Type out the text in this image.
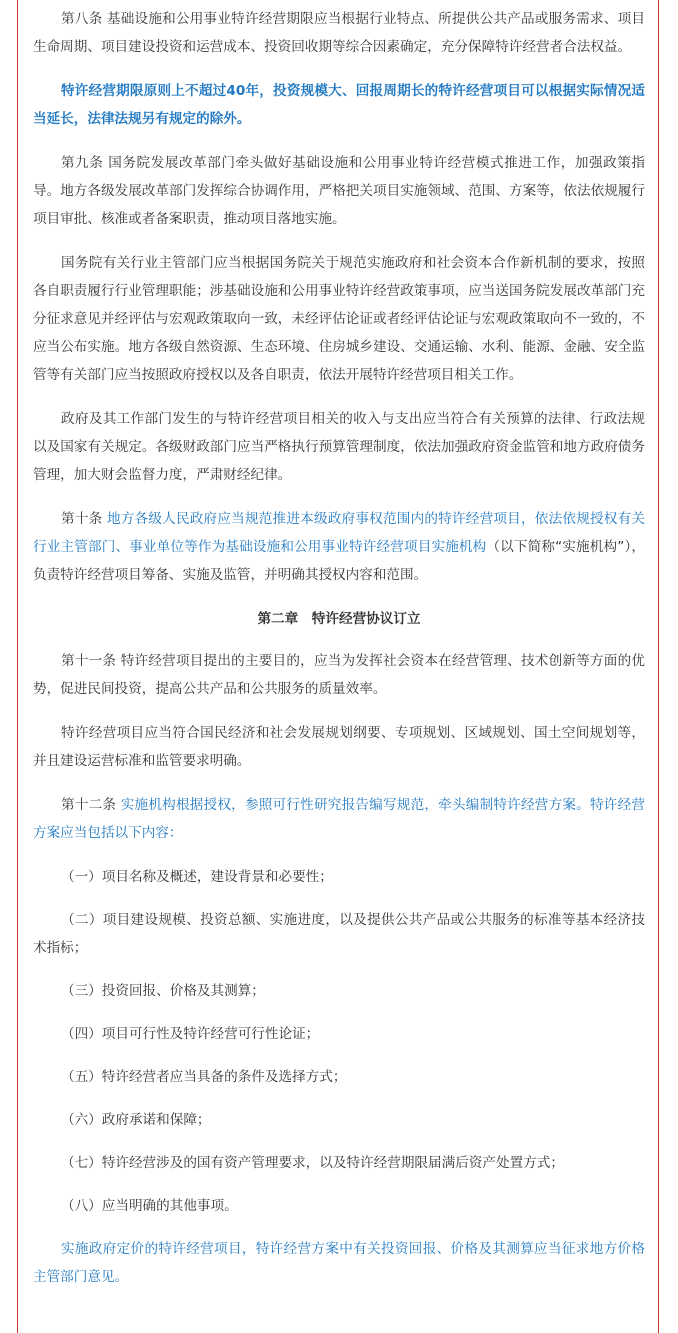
第八条 基础设施和公用事业特许经营期限应当根据行业特点、所提供公共产品或服务需求、项目生命周期、项目建设投资和运营成本、投资回收期等综合因素确定，充分保障特许经营者合法权益。

特许经营期限原则上不超过40年，投资规模大、回报周期长的特许经营项目可以根据实际情况适当延长，法律法规另有规定的除外。

第九条 国务院发展改革部门牵头做好基础设施和公用事业特许经营模式推进工作，加强政策指导。地方各级发展改革部门发挥综合协调作用，严格把关项目实施领域、范围、方案等，依法依规履行项目审批、核准或者备案职责，推动项目落地实施。

国务院有关行业主管部门应当根据国务院关于规范实施政府和社会资本合作新机制的要求，按照各自职责履行行业管理职能；涉基础设施和公用事业特许经营政策事项，应当送国务院发展改革部门充分征求意见并经评估与宏观政策取向一致，未经评估论证或者经评估论证与宏观政策取向不一致的，不应当公布实施。地方各级自然资源、生态环境、住房城乡建设、交通运输、水利、能源、金融、安全监管等有关部门应当按照政府授权以及各自职责，依法开展特许经营项目相关工作。

政府及其工作部门发生的与特许经营项目相关的收入与支出应当符合有关预算的法律、行政法规以及国家有关规定。各级财政部门应当严格执行预算管理制度，依法加强政府资金监管和地方政府债务管理，加大财会监督力度，严肃财经纪律。

第十条 地方各级人民政府应当规范推进本级政府事权范围内的特许经营项目，依法依规授权有关行业主管部门、事业单位等作为基础设施和公用事业特许经营项目实施机构（以下简称“实施机构”），负责特许经营项目筹备、实施及监管，并明确其授权内容和范围。

第二章　特许经营协议订立

第十一条 特许经营项目提出的主要目的，应当为发挥社会资本在经营管理、技术创新等方面的优势，促进民间投资，提高公共产品和公共服务的质量效率。

特许经营项目应当符合国民经济和社会发展规划纲要、专项规划、区域规划、国土空间规划等，并且建设运营标准和监管要求明确。

第十二条 实施机构根据授权，参照可行性研究报告编写规范，牵头编制特许经营方案。特许经营方案应当包括以下内容：

（一）项目名称及概述，建设背景和必要性；

（二）项目建设规模、投资总额、实施进度，以及提供公共产品或公共服务的标准等基本经济技术指标；

（三）投资回报、价格及其测算；

（四）项目可行性及特许经营可行性论证；

（五）特许经营者应当具备的条件及选择方式；

（六）政府承诺和保障；

（七）特许经营涉及的国有资产管理要求，以及特许经营期限届满后资产处置方式；

（八）应当明确的其他事项。

实施政府定价的特许经营项目，特许经营方案中有关投资回报、价格及其测算应当征求地方价格主管部门意见。
